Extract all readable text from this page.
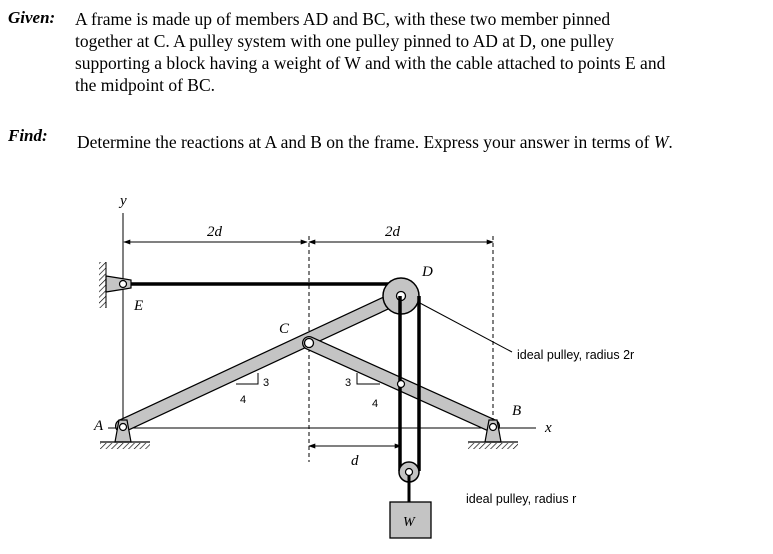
Given: A frame is made up of members AD and BC, with these two member pinned
together at C. A pulley system with one pulley pinned to AD at D, one pulley
supporting a block having a weight of W and with the cable attached to points E and
the midpoint of BC.
Find: Determine the reactions at A and B on the frame. Express your answer in terms of W.
y
x
2d	2d
d
A
B
C
D
E
3
4
3
4
W
ideal pulley, radius 2r
ideal pulley, radius r
